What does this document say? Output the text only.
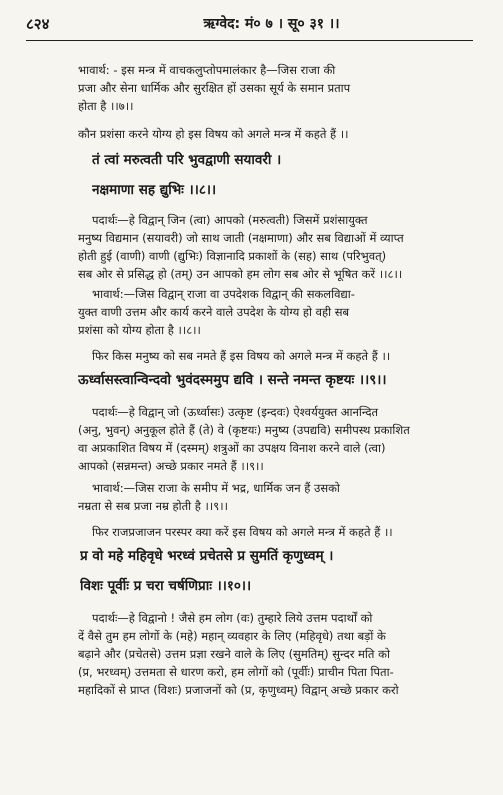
८२४	ऋग्वेद: मं० ७ । सू० ३१ ।।
भावार्थ: - इस मन्त्र में वाचकलुप्तोपमालंकार है—जिस राजा की
प्रजा और सेना धार्मिक और सुरक्षित हों उसका सूर्य के समान प्रताप
होता है ।।७।।
कौन प्रशंसा करने योग्य हो इस विषय को अगले मन्त्र में कहते हैं ।।
तं त्वां मरुत्वती परि भुवद्वाणी सयावरी ।
नक्षमाणा सह द्युभिः ।।८।।
पदार्थः—हे विद्वान् जिन (त्वा) आपको (मरुत्वती) जिसमें प्रशंसायुक्त
मनुष्य विद्यमान (सयावरी) जो साथ जाती (नक्षमाणा) और सब विद्याओं में व्याप्त
होती हुई (वाणी) वाणी (द्युभिः) विज्ञानादि प्रकाशों के (सह) साथ (परिभुवत्)
सब ओर से प्रसिद्ध हो (तम्) उन आपको हम लोग सब ओर से भूषित करें ।।८।।
भावार्थ:—जिस विद्वान् राजा वा उपदेशक विद्वान् की सकलविद्या-
युक्त वाणी उत्तम और कार्य करने वाले उपदेश के योग्य हो वही सब
प्रशंसा को योग्य होता है ।।८।।
फिर किस मनुष्य को सब नमते हैं इस विषय को अगले मन्त्र में कहते हैं ।।
ऊर्ध्वासस्त्वान्विन्दवो भुवंदस्ममुप द्यवि । सन्ते नमन्त कृष्टयः ।।९।।
पदार्थः—हे विद्वान् जो (ऊर्ध्वासः) उत्कृष्ट (इन्दवः) ऐश्वर्ययुक्त आनन्दित
(अनु, भुवन्) अनुकूल होते हैं (ते) वे (कृष्टयः) मनुष्य (उपद्यवि) समीपस्थ प्रकाशित
वा अप्रकाशित विषय में (दस्मम्) शत्रुओं का उपक्षय विनाश करने वाले (त्वा)
आपको (सन्नमन्त) अच्छे प्रकार नमते हैं ।।९।।
भावार्थ:—जिस राजा के समीप में भद्र, धार्मिक जन हैं उसको
नम्रता से सब प्रजा नम्र होती है ।।९।।
फिर राजप्रजाजन परस्पर क्या करें इस विषय को अगले मन्त्र में कहते हैं ।।
प्र वो महे महिवृधे भरध्वं प्रचेतसे प्र सुमतिं कृणुध्वम् ।
विशः पूर्वीः प्र चरा चर्षणिप्राः ।।१०।।
पदार्थः—हे विद्वानो ! जैसे हम लोग (वः) तुम्हारे लिये उत्तम पदार्थों को
दें वैसे तुम हम लोगों के (महे) महान् व्यवहार के लिए (महिवृधे) तथा बड़ों के
बढ़ाने और (प्रचेतसे) उत्तम प्रज्ञा रखने वाले के लिए (सुमतिम्) सुन्दर मति को
(प्र, भरध्वम्) उत्तमता से धारण करो, हम लोगों को (पूर्वीः) प्राचीन पिता पिता-
महादिकों से प्राप्त (विशः) प्रजाजनों को (प्र, कृणुध्वम्) विद्वान् अच्छे प्रकार करो
